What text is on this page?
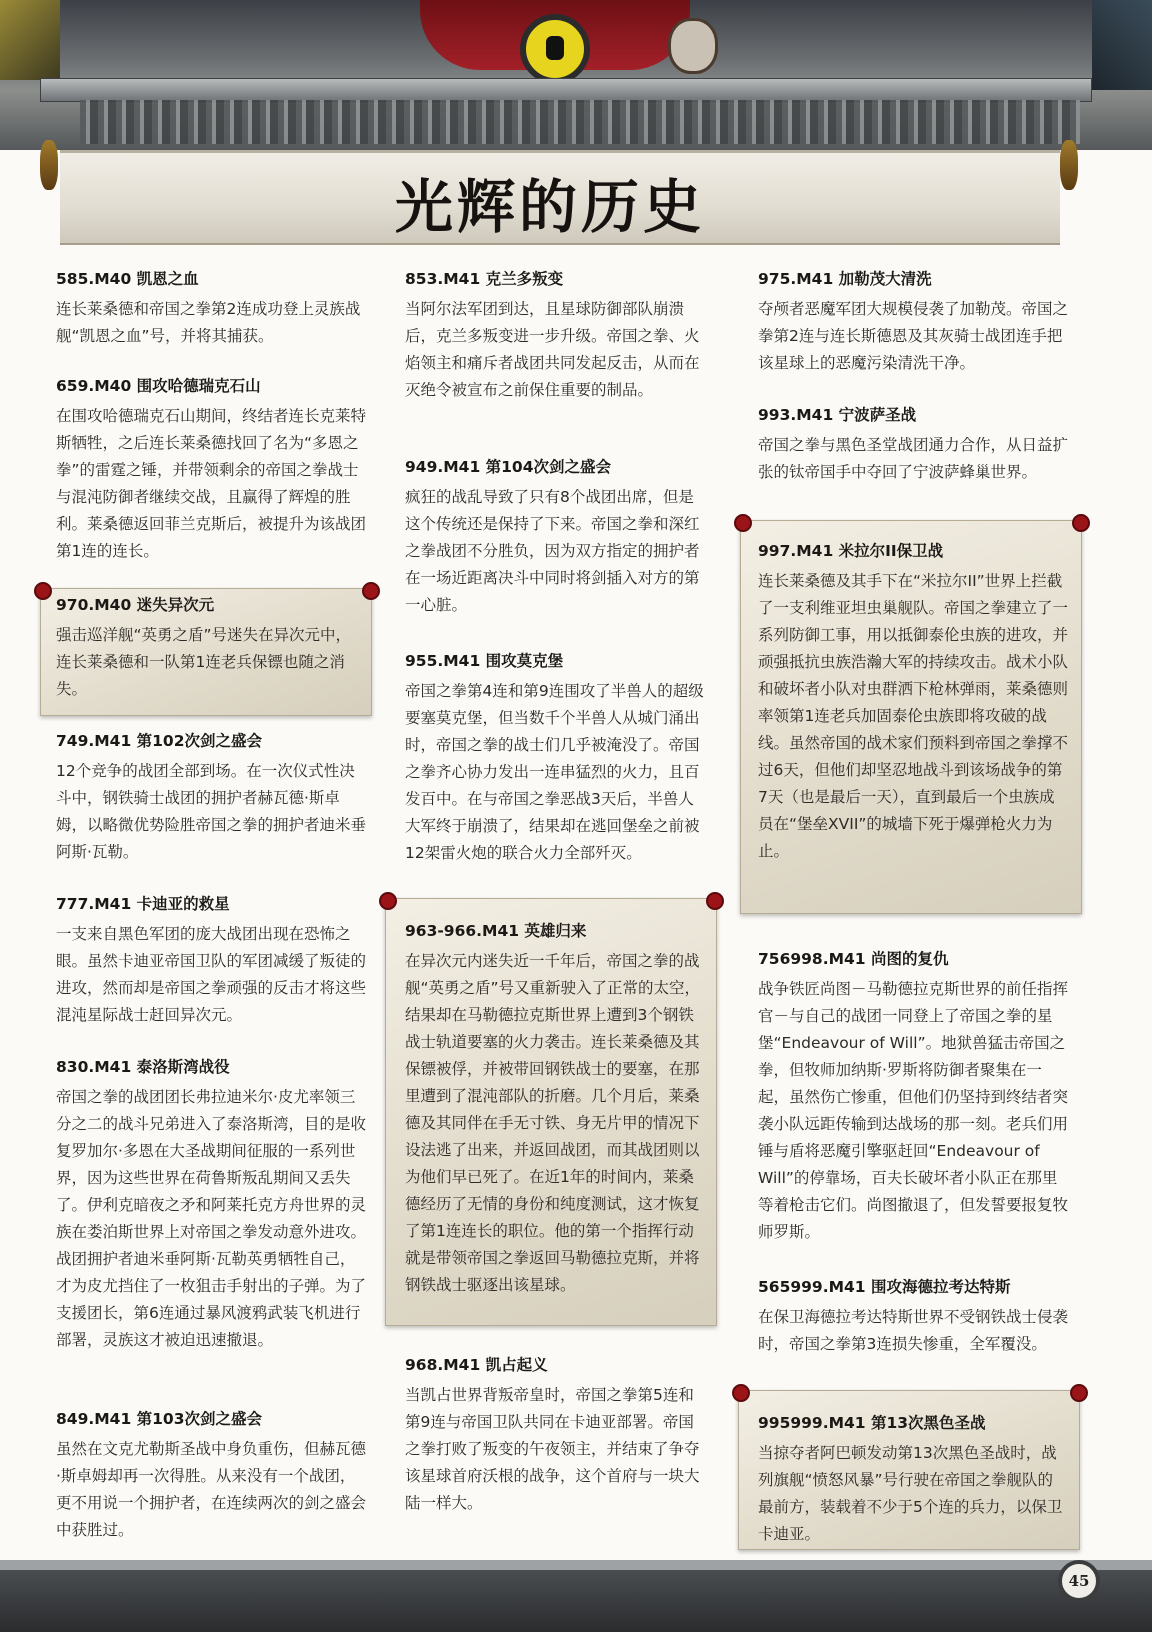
光辉的历史
585.M40 凯恩之血

连长莱桑德和帝国之拳第2连成功登上灵族战舰“凯恩之血”号，并将其捕获。

659.M40 围攻哈德瑞克石山

在围攻哈德瑞克石山期间，终结者连长克莱特斯牺牲，之后连长莱桑德找回了名为“多恩之拳”的雷霆之锤，并带领剩余的帝国之拳战士与混沌防御者继续交战，且赢得了辉煌的胜利。莱桑德返回菲兰克斯后，被提升为该战团第1连的连长。

970.M40 迷失异次元

强击巡洋舰“英勇之盾”号迷失在异次元中，连长莱桑德和一队第1连老兵保镖也随之消失。

749.M41 第102次剑之盛会

12个竞争的战团全部到场。在一次仪式性决斗中，钢铁骑士战团的拥护者赫瓦德·斯卓姆，以略微优势险胜帝国之拳的拥护者迪米垂阿斯·瓦勒。

777.M41 卡迪亚的救星

一支来自黑色军团的庞大战团出现在恐怖之眼。虽然卡迪亚帝国卫队的军团减缓了叛徒的进攻，然而却是帝国之拳顽强的反击才将这些混沌星际战士赶回异次元。

830.M41 泰洛斯湾战役

帝国之拳的战团团长弗拉迪米尔·皮尤率领三分之二的战斗兄弟进入了泰洛斯湾，目的是收复罗加尔·多恩在大圣战期间征服的一系列世界，因为这些世界在荷鲁斯叛乱期间又丢失了。伊利克暗夜之矛和阿莱托克方舟世界的灵族在娄泊斯世界上对帝国之拳发动意外进攻。战团拥护者迪米垂阿斯·瓦勒英勇牺牲自己，才为皮尤挡住了一枚狙击手射出的子弹。为了支援团长，第6连通过暴风渡鸦武装飞机进行部署，灵族这才被迫迅速撤退。

849.M41 第103次剑之盛会

虽然在文克尤勒斯圣战中身负重伤，但赫瓦德·斯卓姆却再一次得胜。从来没有一个战团，更不用说一个拥护者，在连续两次的剑之盛会中获胜过。

853.M41 克兰多叛变

当阿尔法军团到达，且星球防御部队崩溃后，克兰多叛变进一步升级。帝国之拳、火焰领主和痛斥者战团共同发起反击，从而在灭绝令被宣布之前保住重要的制品。

949.M41 第104次剑之盛会

疯狂的战乱导致了只有8个战团出席，但是这个传统还是保持了下来。帝国之拳和深红之拳战团不分胜负，因为双方指定的拥护者在一场近距离决斗中同时将剑插入对方的第一心脏。

955.M41 围攻莫克堡

帝国之拳第4连和第9连围攻了半兽人的超级要塞莫克堡，但当数千个半兽人从城门涌出时，帝国之拳的战士们几乎被淹没了。帝国之拳齐心协力发出一连串猛烈的火力，且百发百中。在与帝国之拳恶战3天后，半兽人大军终于崩溃了，结果却在逃回堡垒之前被12架雷火炮的联合火力全部歼灭。

963-966.M41 英雄归来

在异次元内迷失近一千年后，帝国之拳的战舰“英勇之盾”号又重新驶入了正常的太空，结果却在马勒德拉克斯世界上遭到3个钢铁战士轨道要塞的火力袭击。连长莱桑德及其保镖被俘，并被带回钢铁战士的要塞，在那里遭到了混沌部队的折磨。几个月后，莱桑德及其同伴在手无寸铁、身无片甲的情况下设法逃了出来，并返回战团，而其战团则以为他们早已死了。在近1年的时间内，莱桑德经历了无情的身份和纯度测试，这才恢复了第1连连长的职位。他的第一个指挥行动就是带领帝国之拳返回马勒德拉克斯，并将钢铁战士驱逐出该星球。

968.M41 凯占起义

当凯占世界背叛帝皇时，帝国之拳第5连和第9连与帝国卫队共同在卡迪亚部署。帝国之拳打败了叛变的午夜领主，并结束了争夺该星球首府沃根的战争，这个首府与一块大陆一样大。

975.M41 加勒茂大清洗

夺颅者恶魔军团大规模侵袭了加勒茂。帝国之拳第2连与连长斯德恩及其灰骑士战团连手把该星球上的恶魔污染清洗干净。

993.M41 宁波萨圣战

帝国之拳与黑色圣堂战团通力合作，从日益扩张的钛帝国手中夺回了宁波萨蜂巢世界。

997.M41 米拉尔II保卫战

连长莱桑德及其手下在“米拉尔II”世界上拦截了一支利维亚坦虫巢舰队。帝国之拳建立了一系列防御工事，用以抵御泰伦虫族的进攻，并顽强抵抗虫族浩瀚大军的持续攻击。战术小队和破坏者小队对虫群洒下枪林弹雨，莱桑德则率领第1连老兵加固泰伦虫族即将攻破的战线。虽然帝国的战术家们预料到帝国之拳撑不过6天，但他们却坚忍地战斗到该场战争的第7天（也是最后一天），直到最后一个虫族成员在“堡垒XVII”的城墙下死于爆弹枪火力为止。

756998.M41 尚图的复仇

战争铁匠尚图－马勒德拉克斯世界的前任指挥官－与自己的战团一同登上了帝国之拳的星堡“Endeavour of Will”。地狱兽猛击帝国之拳，但牧师加纳斯·罗斯将防御者聚集在一起，虽然伤亡惨重，但他们仍坚持到终结者突袭小队远距传输到达战场的那一刻。老兵们用锤与盾将恶魔引擎驱赶回“Endeavour of Will”的停靠场，百夫长破坏者小队正在那里等着枪击它们。尚图撤退了，但发誓要报复牧师罗斯。

565999.M41 围攻海德拉考达特斯

在保卫海德拉考达特斯世界不受钢铁战士侵袭时，帝国之拳第3连损失惨重，全军覆没。

995999.M41 第13次黑色圣战

当掠夺者阿巴顿发动第13次黑色圣战时，战列旗舰“愤怒风暴”号行驶在帝国之拳舰队的最前方，装载着不少于5个连的兵力，以保卫卡迪亚。

45
